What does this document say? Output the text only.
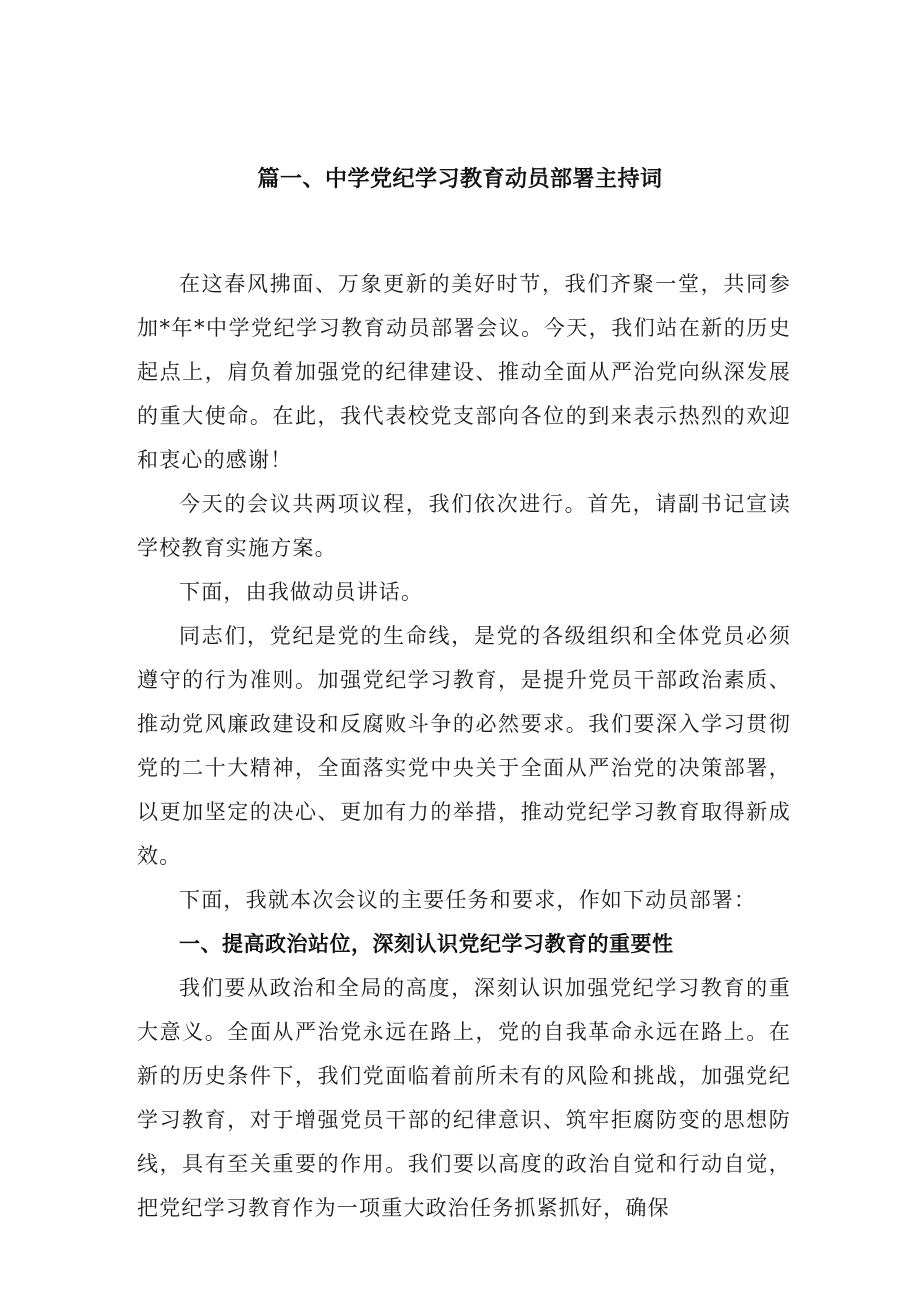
篇一、中学党纪学习教育动员部署主持词

在这春风拂面、万象更新的美好时节，我们齐聚一堂，共同参加*年*中学党纪学习教育动员部署会议。今天，我们站在新的历史起点上，肩负着加强党的纪律建设、推动全面从严治党向纵深发展的重大使命。在此，我代表校党支部向各位的到来表示热烈的欢迎和衷心的感谢！

今天的会议共两项议程，我们依次进行。首先，请副书记宣读学校教育实施方案。

下面，由我做动员讲话。

同志们，党纪是党的生命线，是党的各级组织和全体党员必须遵守的行为准则。加强党纪学习教育，是提升党员干部政治素质、推动党风廉政建设和反腐败斗争的必然要求。我们要深入学习贯彻党的二十大精神，全面落实党中央关于全面从严治党的决策部署，以更加坚定的决心、更加有力的举措，推动党纪学习教育取得新成效。

下面，我就本次会议的主要任务和要求，作如下动员部署：

一、提高政治站位，深刻认识党纪学习教育的重要性

我们要从政治和全局的高度，深刻认识加强党纪学习教育的重大意义。全面从严治党永远在路上，党的自我革命永远在路上。在新的历史条件下，我们党面临着前所未有的风险和挑战，加强党纪学习教育，对于增强党员干部的纪律意识、筑牢拒腐防变的思想防线，具有至关重要的作用。我们要以高度的政治自觉和行动自觉，把党纪学习教育作为一项重大政治任务抓紧抓好，确保
